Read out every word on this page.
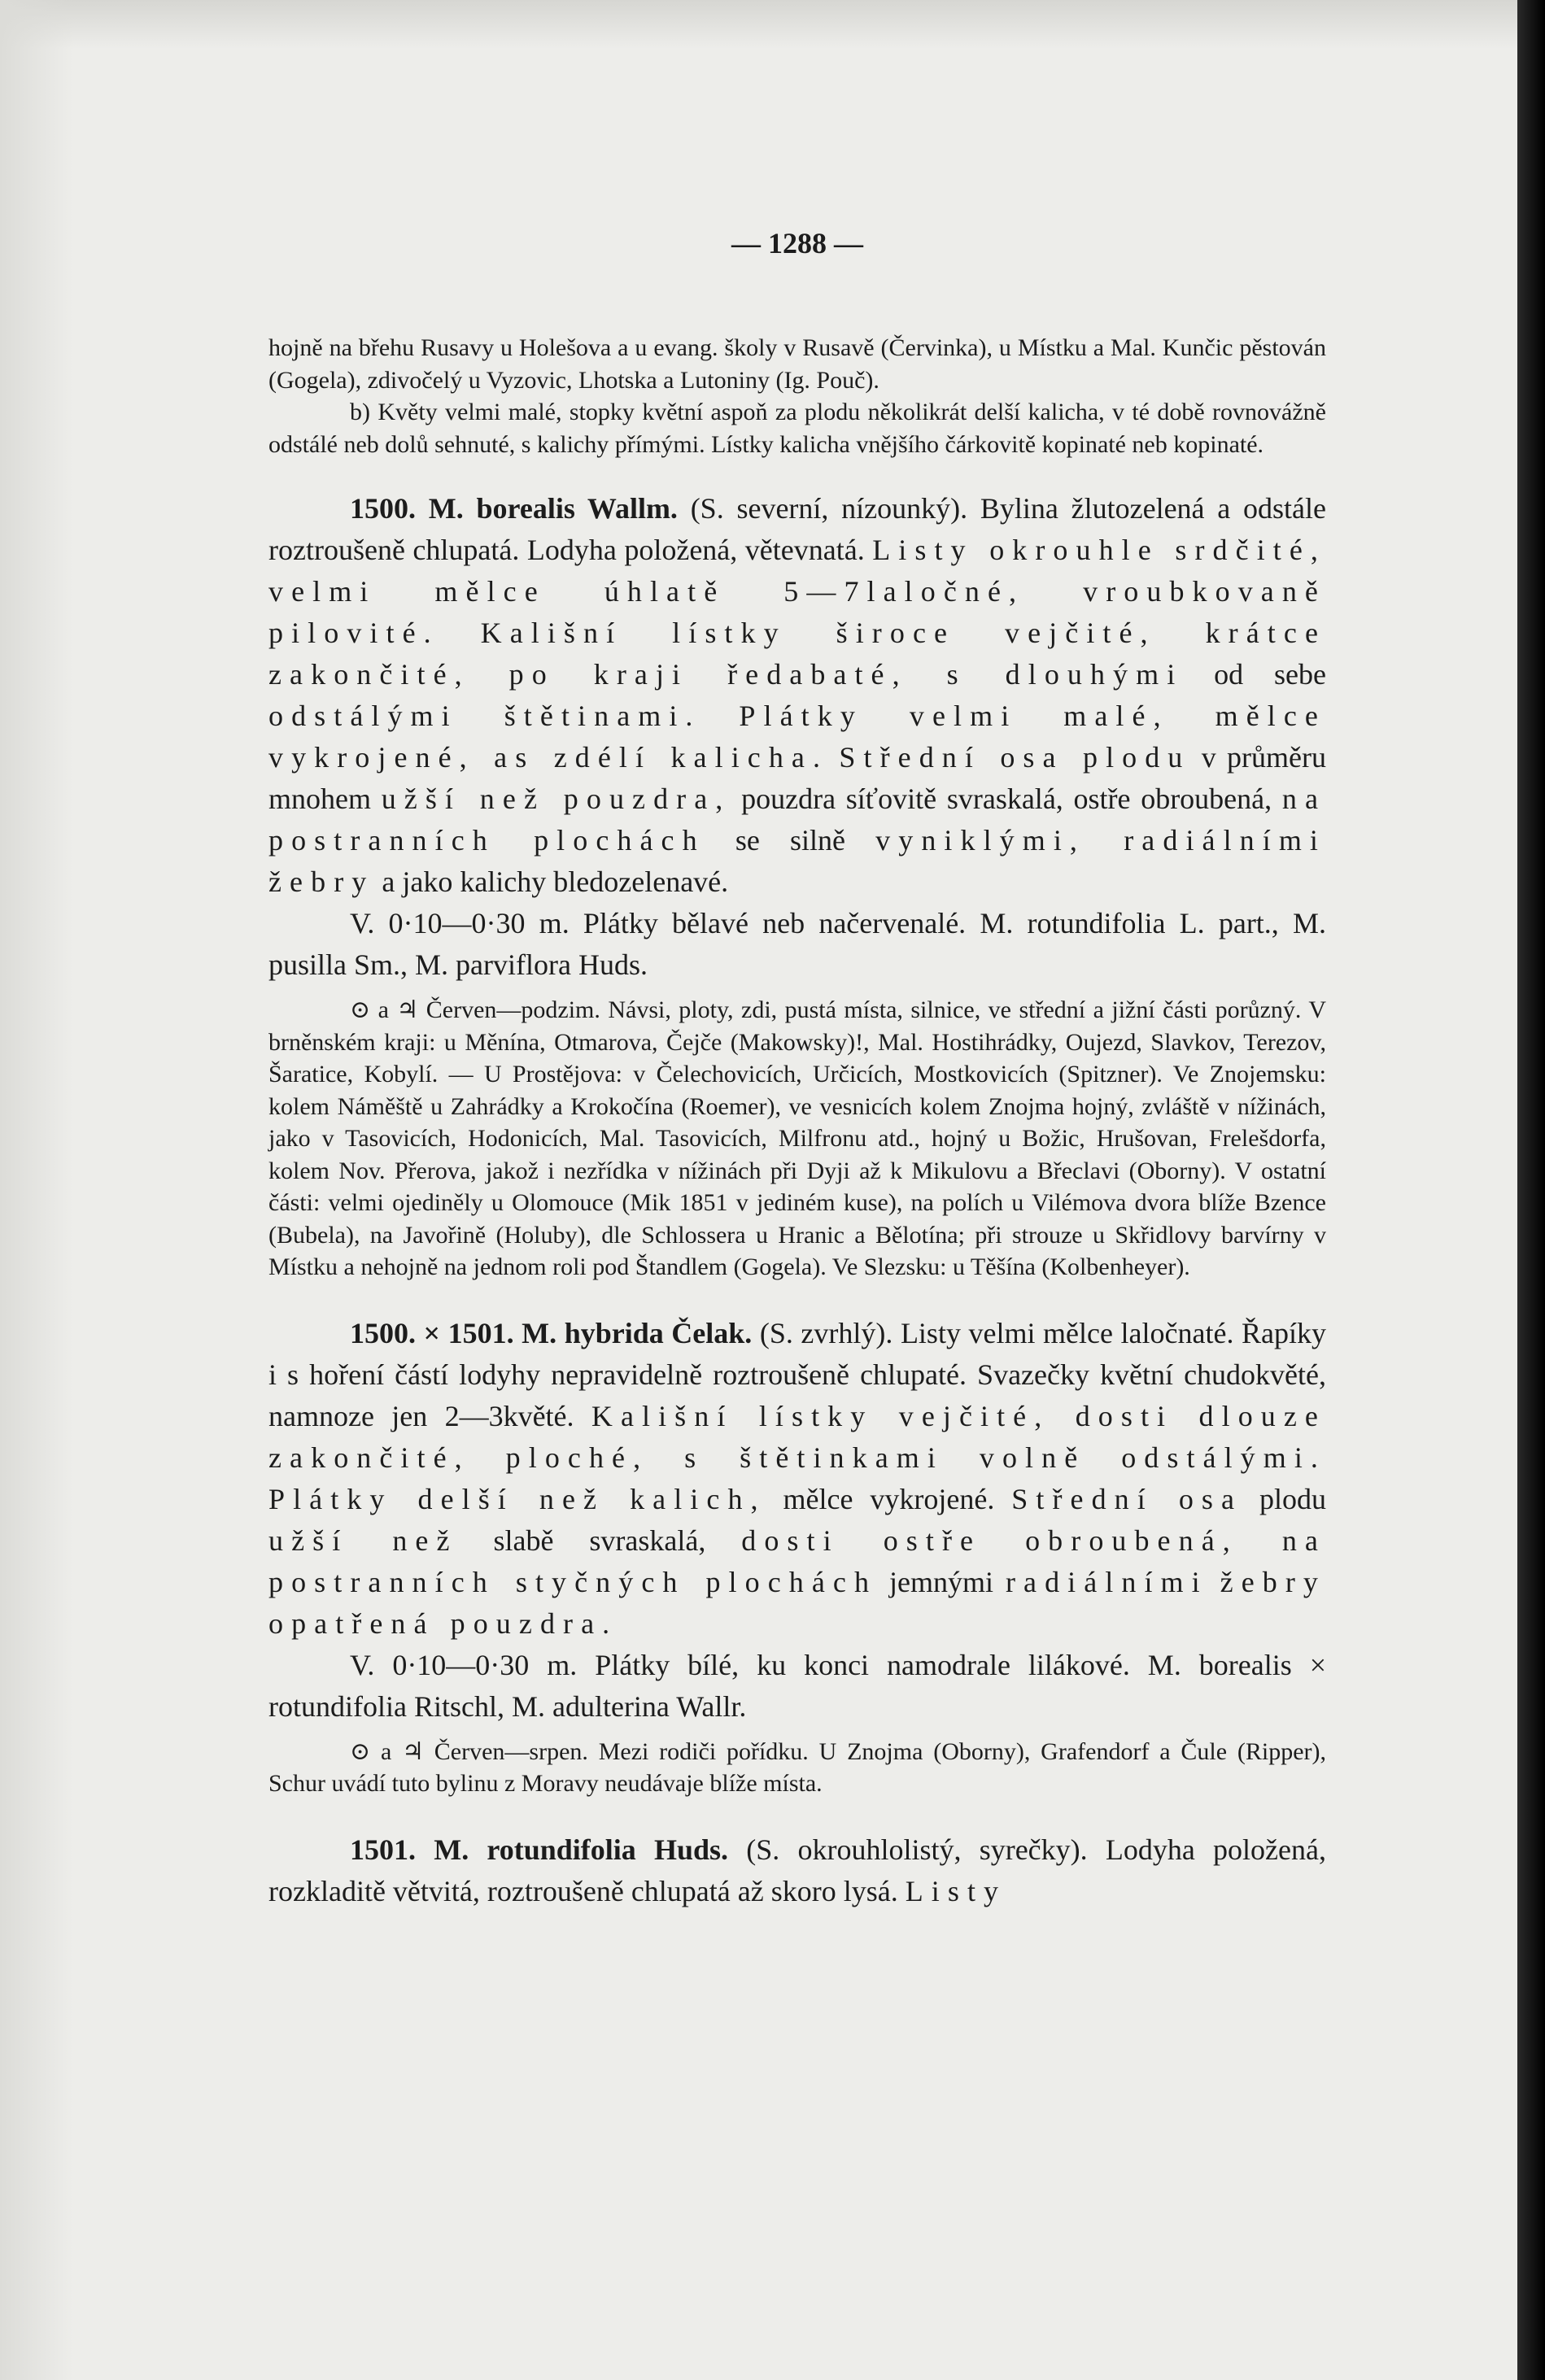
— 1288 —

hojně na břehu Rusavy u Holešova a u evang. školy v Rusavě (Červinka), u Místku a Mal. Kunčic pěstován (Gogela), zdivočelý u Vyzovic, Lhotska a Lutoniny (Ig. Pouč).

b) Květy velmi malé, stopky květní aspoň za plodu několikrát delší kalicha, v té době rovnovážně odstálé neb dolů sehnuté, s kalichy přímými. Lístky kalicha vnějšího čárkovitě kopinaté neb kopinaté.

1500. M. borealis Wallm. (S. severní, nízounký). Bylina žlutozelená a odstále roztroušeně chlupatá. Lodyha položená, větevnatá. Listy okrouhle srdčité, velmi mělce úhlatě 5—7laločné, vroubkovaně pilovité. Kališní lístky široce vejčité, krátce zakončité, po kraji ředabaté, s dlouhými od sebe odstálými štětinami. Plátky velmi malé, mělce vykrojené, as zdélí kalicha. Střední osa plodu v průměru mnohem užší než pouzdra, pouzdra síťovitě svraskalá, ostře obroubená, na postranních plochách se silně vyniklými, radiálními žebry a jako kalichy bledozelenavé.

V. 0·10—0·30 m. Plátky bělavé neb načervenalé. M. rotundifolia L. part., M. pusilla Sm., M. parviflora Huds.

⊙ a ♃ Červen—podzim. Návsi, ploty, zdi, pustá místa, silnice, ve střední a jižní části porůzný. V brněnském kraji: u Měnína, Otmarova, Čejče (Makowsky)!, Mal. Hostihrádky, Oujezd, Slavkov, Terezov, Šaratice, Kobylí. — U Prostějova: v Čelechovicích, Určicích, Mostkovicích (Spitzner). Ve Znojemsku: kolem Náměště u Zahrádky a Krokočína (Roemer), ve vesnicích kolem Znojma hojný, zvláště v nížinách, jako v Tasovicích, Hodonicích, Mal. Tasovicích, Milfronu atd., hojný u Božic, Hrušovan, Frelešdorfa, kolem Nov. Přerova, jakož i nezřídka v nížinách při Dyji až k Mikulovu a Břeclavi (Oborny). V ostatní části: velmi ojediněly u Olomouce (Mik 1851 v jediném kuse), na polích u Vilémova dvora blíže Bzence (Bubela), na Javořině (Holuby), dle Schlossera u Hranic a Bělotína; při strouze u Skřidlovy barvírny v Místku a nehojně na jednom roli pod Štandlem (Gogela). Ve Slezsku: u Těšína (Kolbenheyer).

1500. × 1501. M. hybrida Čelak. (S. zvrhlý). Listy velmi mělce laločnaté. Řapíky i s hoření částí lodyhy nepravidelně roztroušeně chlupaté. Svazečky květní chudokvěté, namnoze jen 2—3květé. Kališní lístky vejčité, dosti dlouze zakončité, ploché, s štětinkami volně odstálými. Plátky delší než kalich, mělce vykrojené. Střední osa plodu užší než slabě svraskalá, dosti ostře obroubená, na postranních styčných plochách jemnými radiálními žebry opatřená pouzdra.

V. 0·10—0·30 m. Plátky bílé, ku konci namodrale lilákové. M. borealis × rotundifolia Ritschl, M. adulterina Wallr.

⊙ a ♃ Červen—srpen. Mezi rodiči pořídku. U Znojma (Oborny), Grafendorf a Čule (Ripper), Schur uvádí tuto bylinu z Moravy neudávaje blíže místa.

1501. M. rotundifolia Huds. (S. okrouhlolistý, syrečky). Lodyha položená, rozkladitě větvitá, roztroušeně chlupatá až skoro lysá. Listy
